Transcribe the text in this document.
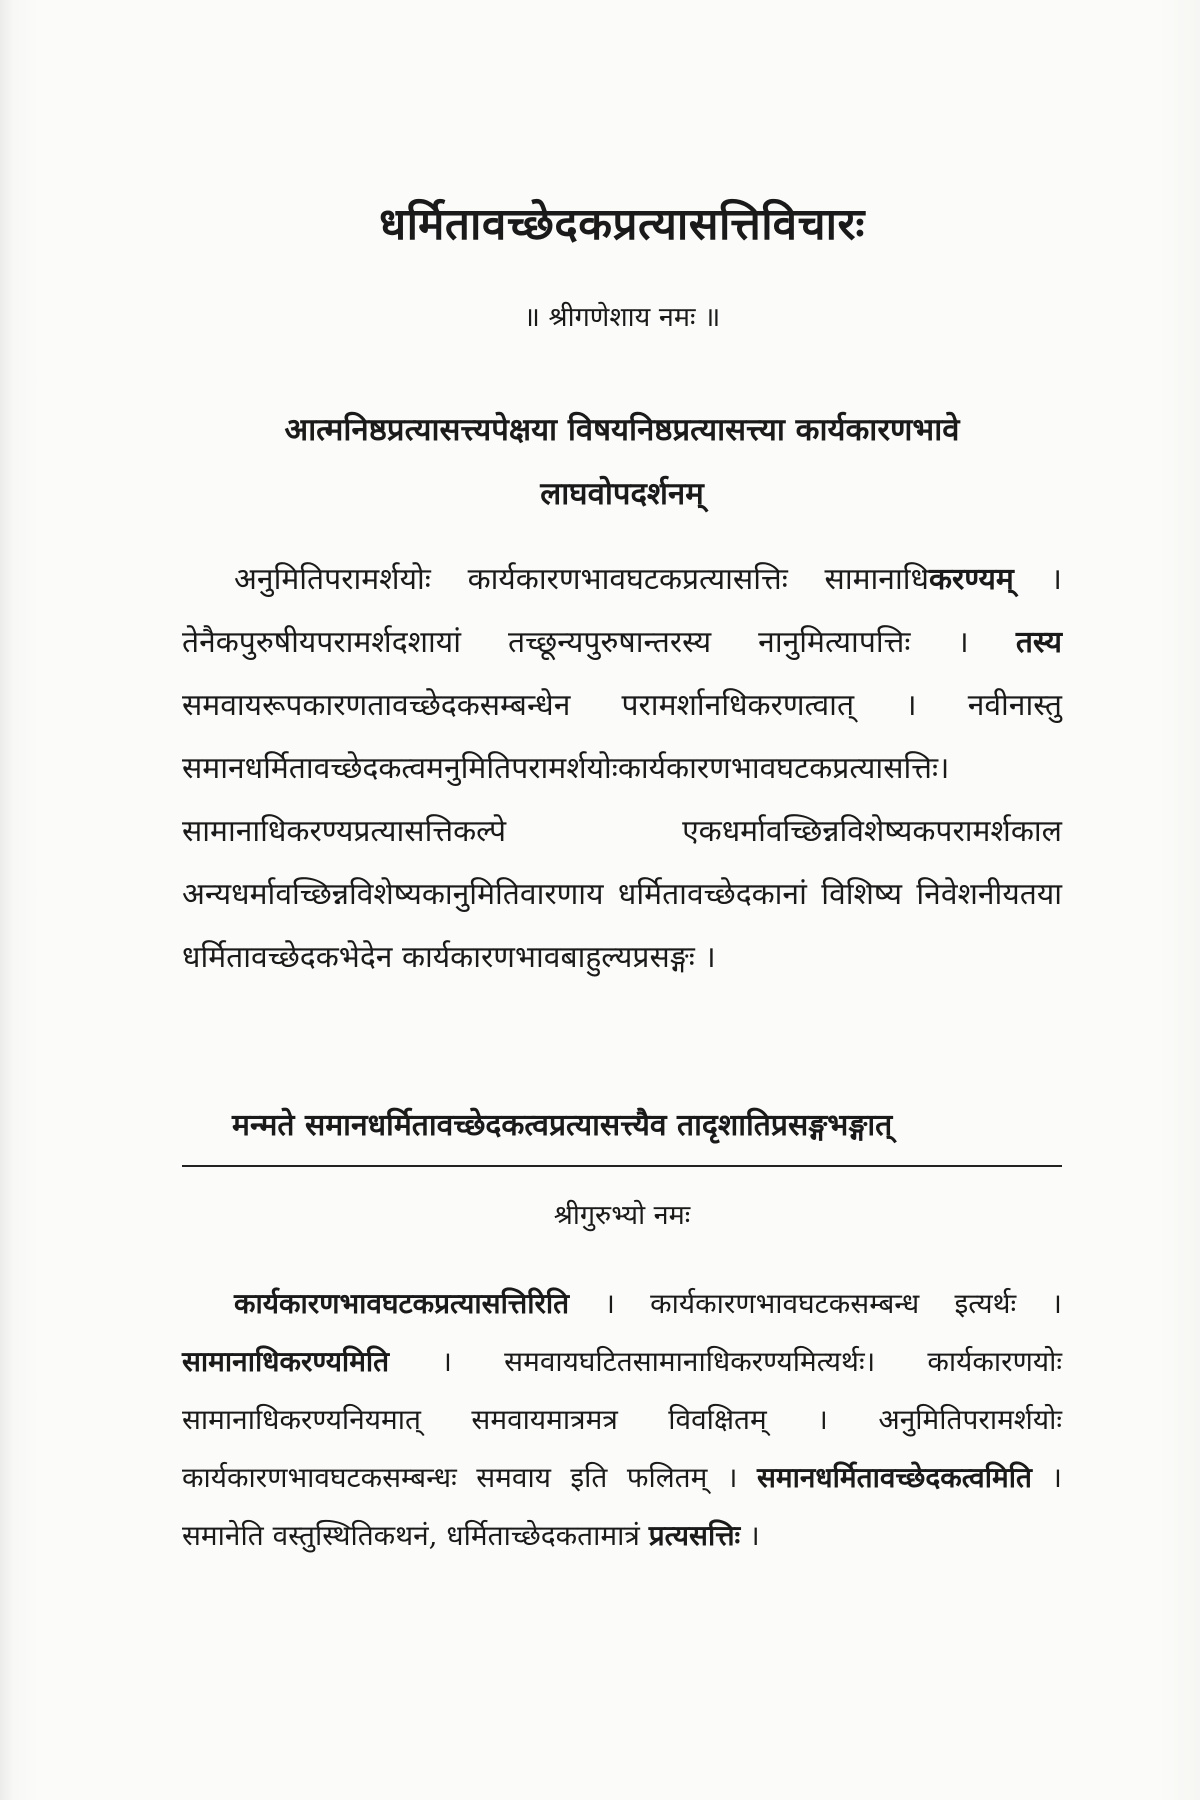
धर्मितावच्छेदकप्रत्यासत्तिविचारः
॥ श्रीगणेशाय नमः ॥
आत्मनिष्ठप्रत्यासत्त्यपेक्षया विषयनिष्ठप्रत्यासत्त्या कार्यकारणभावे
लाघवोपदर्शनम्
अनुमितिपरामर्शयोः कार्यकारणभावघटकप्रत्यासत्तिः सामानाधिकरण्यम् । तेनैकपुरुषीयपरामर्शदशायां तच्छून्यपुरुषान्तरस्य नानुमित्यापत्तिः । तस्य समवायरूपकारणतावच्छेदकसम्बन्धेन परामर्शानधिकरणत्वात् । नवीनास्तु समानधर्मितावच्छेदकत्वमनुमितिपरामर्शयोःकार्यकारणभावघटकप्रत्यासत्तिः। सामानाधिकरण्यप्रत्यासत्तिकल्पे एकधर्मावच्छिन्नविशेष्यकपरामर्शकाल अन्यधर्मावच्छिन्नविशेष्यकानुमितिवारणाय धर्मितावच्छेदकानां विशिष्य निवेशनीयतया धर्मितावच्छेदकभेदेन कार्यकारणभावबाहुल्यप्रसङ्गः ।
मन्मते समानधर्मितावच्छेदकत्वप्रत्यासत्त्यैव तादृशातिप्रसङ्गभङ्गात्
श्रीगुरुभ्यो नमः
कार्यकारणभावघटकप्रत्यासत्तिरिति । कार्यकारणभावघटकसम्बन्ध इत्यर्थः । सामानाधिकरण्यमिति । समवायघटितसामानाधिकरण्यमित्यर्थः। कार्यकारणयोः सामानाधिकरण्यनियमात् समवायमात्रमत्र विवक्षितम् । अनुमितिपरामर्शयोः कार्यकारणभावघटकसम्बन्धः समवाय इति फलितम् । समानधर्मितावच्छेदकत्वमिति । समानेति वस्तुस्थितिकथनं, धर्मिताच्छेदकतामात्रं प्रत्यसत्तिः ।
